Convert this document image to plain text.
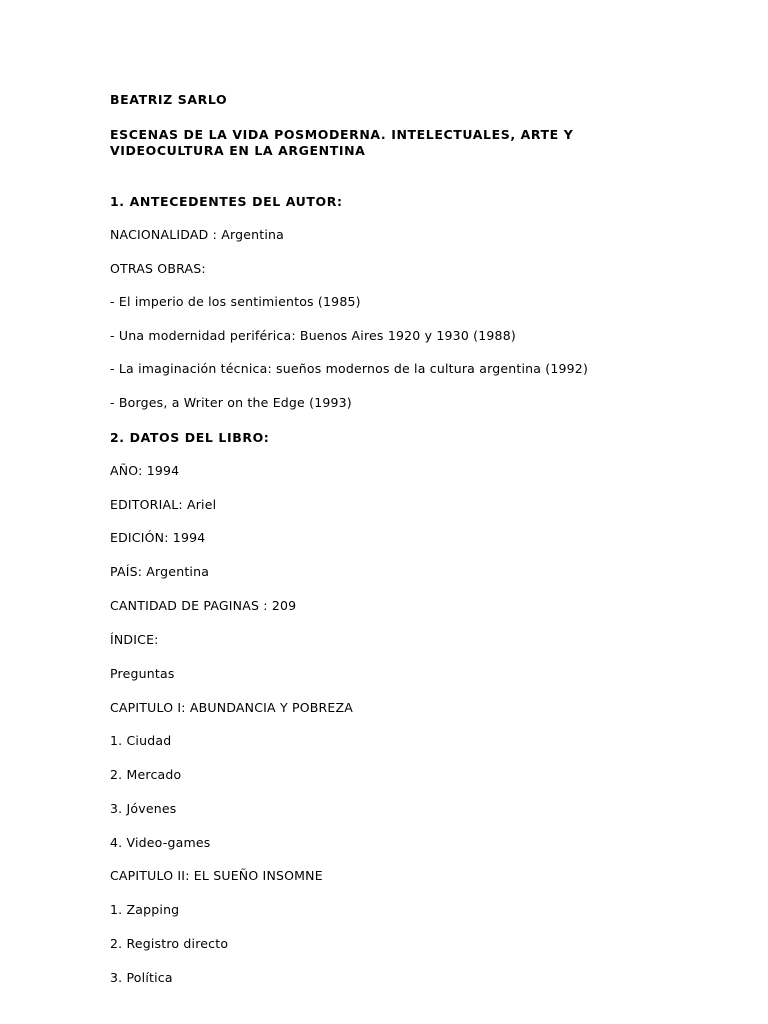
BEATRIZ SARLO
ESCENAS DE LA VIDA POSMODERNA. INTELECTUALES, ARTE Y
VIDEOCULTURA EN LA ARGENTINA
1. ANTECEDENTES DEL AUTOR:
NACIONALIDAD : Argentina
OTRAS OBRAS:
- El imperio de los sentimientos (1985)
- Una modernidad periférica: Buenos Aires 1920 y 1930 (1988)
- La imaginación técnica: sueños modernos de la cultura argentina (1992)
- Borges, a Writer on the Edge (1993)
2. DATOS DEL LIBRO:
AÑO: 1994
EDITORIAL: Ariel
EDICIÓN: 1994
PAÍS: Argentina
CANTIDAD DE PAGINAS : 209
ÍNDICE:
Preguntas
CAPITULO I: ABUNDANCIA Y POBREZA
1. Ciudad
2. Mercado
3. Jóvenes
4. Video-games
CAPITULO II: EL SUEÑO INSOMNE
1. Zapping
2. Registro directo
3. Política
